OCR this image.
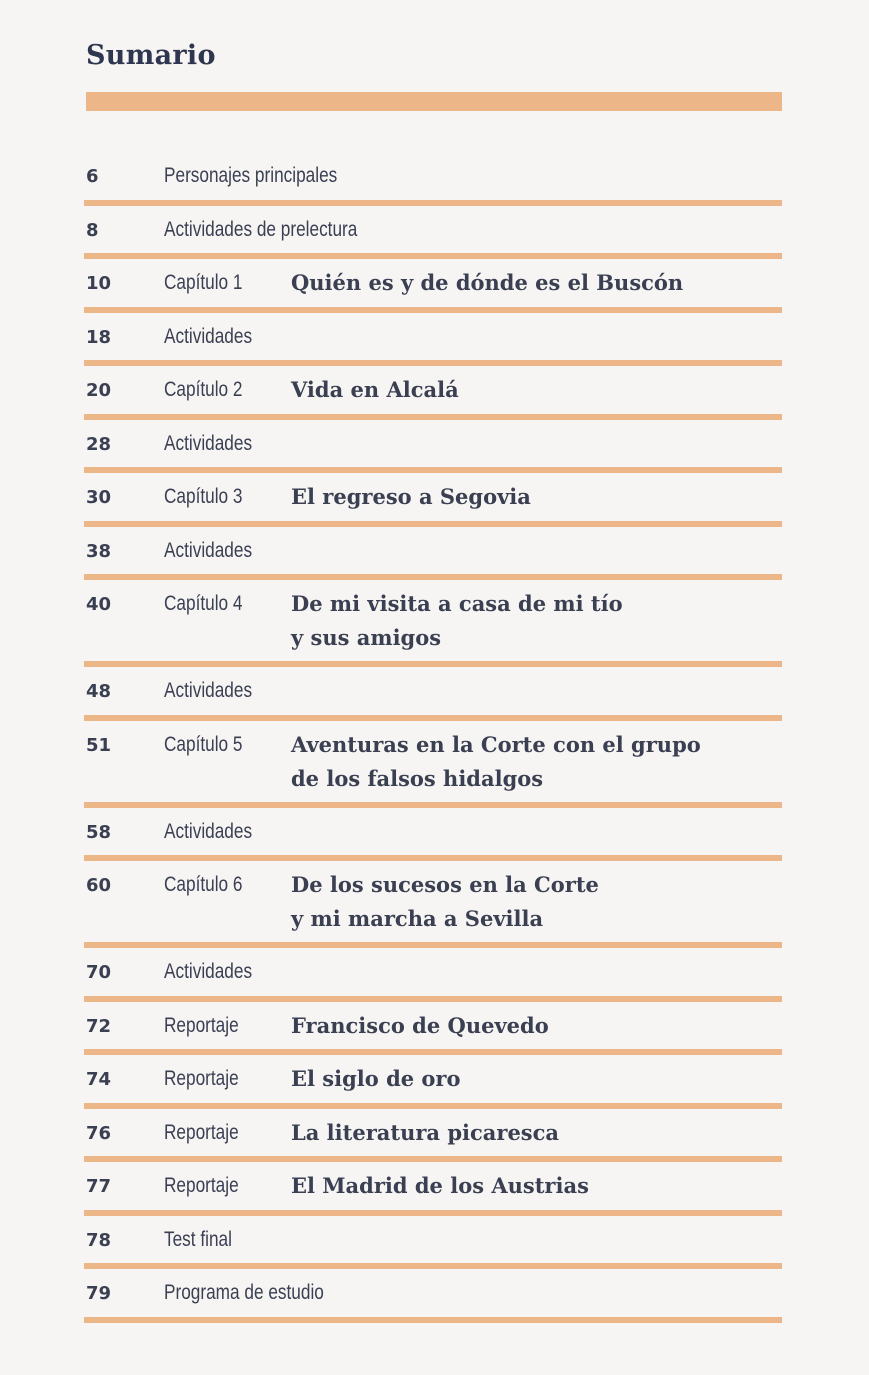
Sumario
6	Personajes principales
8	Actividades de prelectura
10	Capítulo 1 Quién es y de dónde es el Buscón
18	Actividades
20	Capítulo 2 Vida en Alcalá
28	Actividades
30	Capítulo 3 El regreso a Segovia
38	Actividades
40	Capítulo 4 De mi visita a casa de mi tío
y sus amigos
48	Actividades
51	Capítulo 5 Aventuras en la Corte con el grupo
de los falsos hidalgos
58	Actividades
60	Capítulo 6 De los sucesos en la Corte
y mi marcha a Sevilla
70	Actividades
72	Reportaje Francisco de Quevedo
74	Reportaje El siglo de oro
76	Reportaje La literatura picaresca
77	Reportaje El Madrid de los Austrias
78	Test final
79	Programa de estudio
